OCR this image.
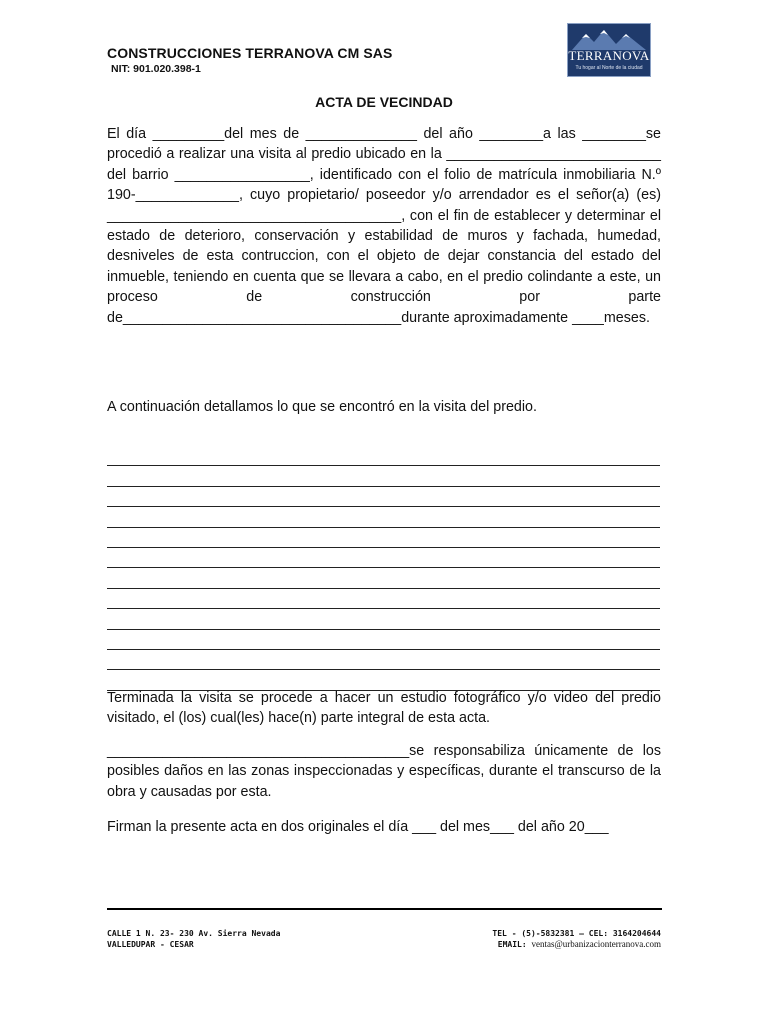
CONSTRUCCIONES TERRANOVA CM SAS
NIT: 901.020.398-1
TERRANOVA
Tu hogar al Norte de la ciudad
ACTA DE VECINDAD
El día _________del mes de ______________ del año ________a las ________se procedió a realizar una visita al predio ubicado en la ___________________________ del barrio _________________, identificado con el folio de matrícula inmobiliaria N.º 190-_____________, cuyo propietario/ poseedor y/o arrendador es el señor(a) (es) _____________________________________, con el fin de establecer y determinar el estado de deterioro, conservación y estabilidad de muros y fachada, humedad, desniveles de esta contruccion, con el objeto de dejar constancia del estado del inmueble, teniendo en cuenta que se llevara a cabo, en el predio colindante a este, un proceso de construcción por parte de___________________________________durante aproximadamente ____meses.
A continuación detallamos lo que se encontró en la visita del predio.
Terminada la visita se procede a hacer un estudio fotográfico y/o video del predio visitado, el (los) cual(les) hace(n) parte integral de esta acta.
______________________________________se responsabiliza únicamente de los posibles daños en las zonas inspeccionadas y específicas, durante el transcurso de la obra y causadas por esta.
Firman la presente acta en dos originales el día ___ del mes___ del año 20___
CALLE 1 N. 23- 230 Av. Sierra Nevada
VALLEDUPAR - CESAR
TEL - (5)-5832381 – CEL: 3164204644
EMAIL: ventas@urbanizacionterranova.com
